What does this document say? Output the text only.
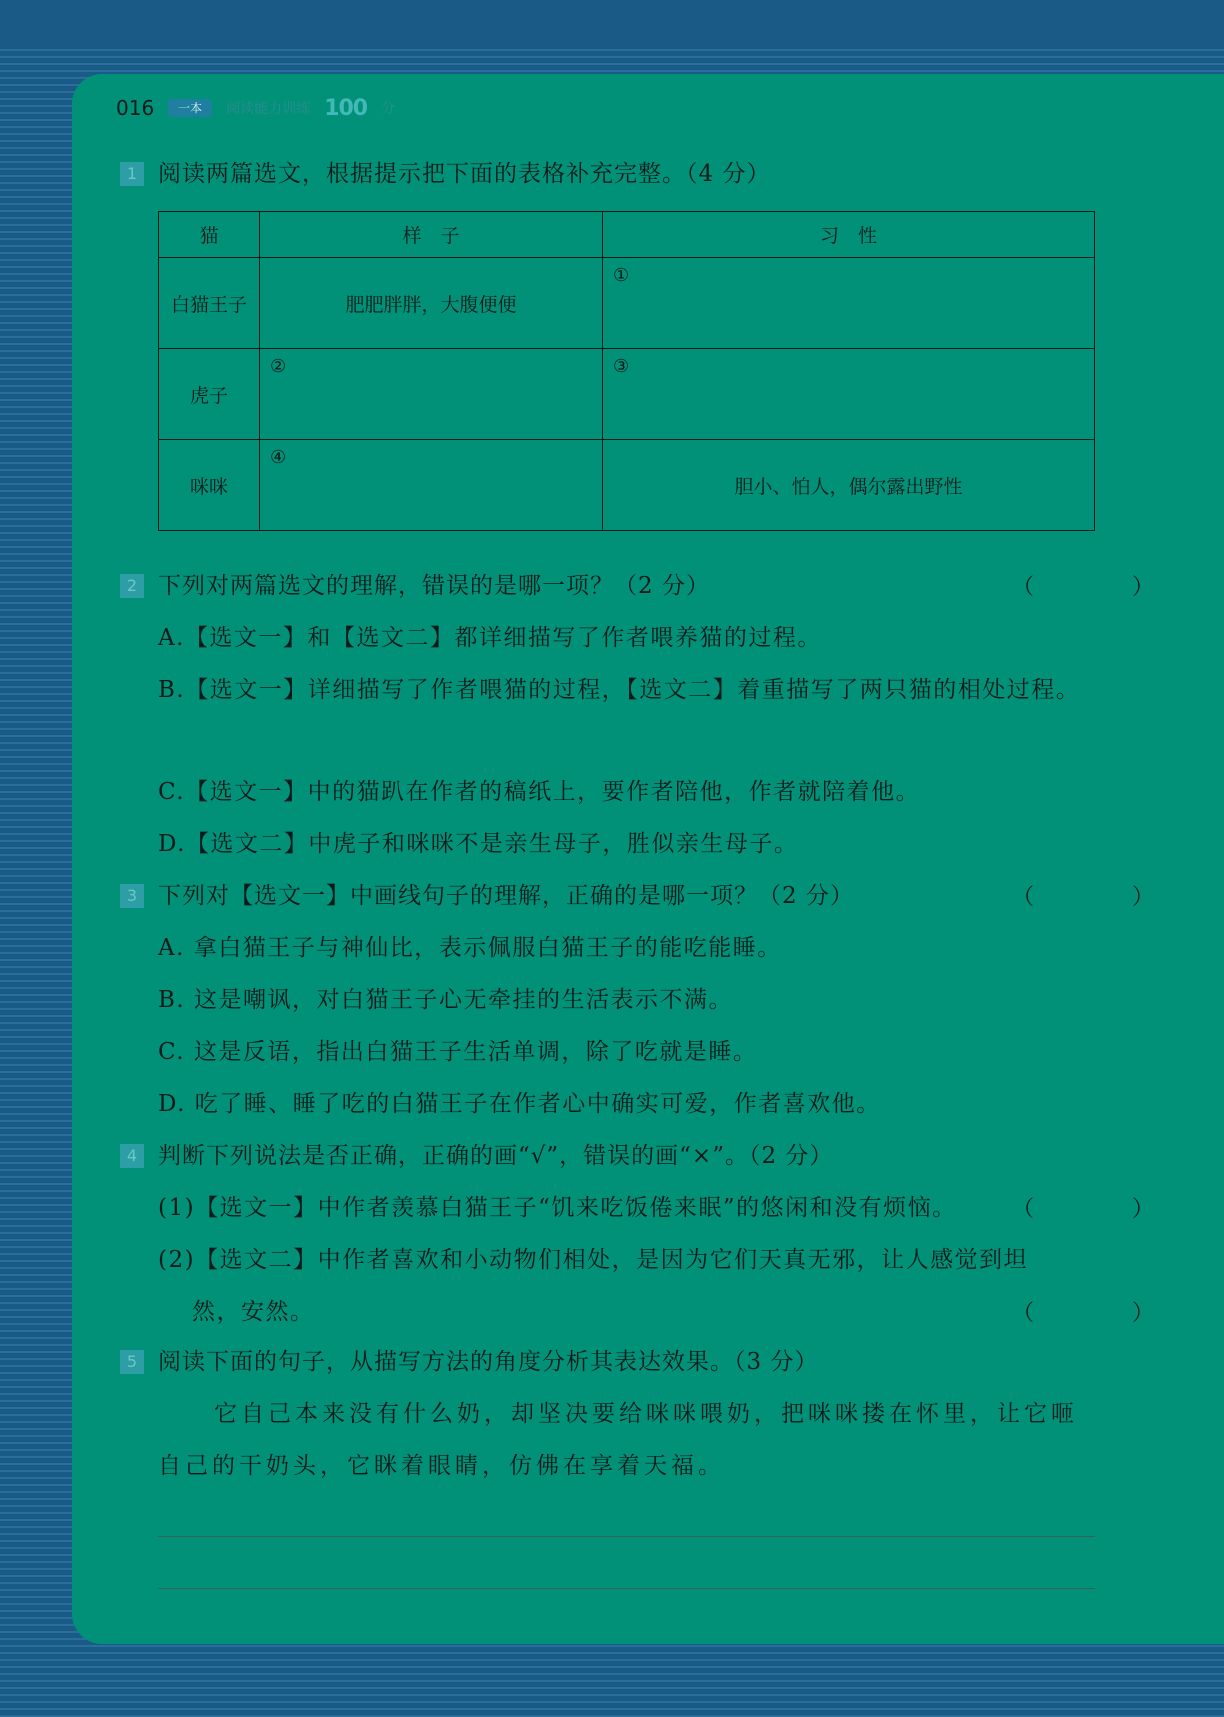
016	一本	阅读能力训练 100 分
1 阅读两篇选文，根据提示把下面的表格补充完整。（4 分）
猫	样　子	习　性
白猫王子	肥肥胖胖，大腹便便	①
虎子	②	③
咪咪	④	胆小、怕人，偶尔露出野性
2 下列对两篇选文的理解，错误的是哪一项？（2 分）	（　）
A.【选文一】和【选文二】都详细描写了作者喂养猫的过程。
B.【选文一】详细描写了作者喂猫的过程，【选文二】着重描写了两只猫的相处过程。
C.【选文一】中的猫趴在作者的稿纸上，要作者陪他，作者就陪着他。
D.【选文二】中虎子和咪咪不是亲生母子，胜似亲生母子。
3 下列对【选文一】中画线句子的理解，正确的是哪一项？（2 分）	（　）
A. 拿白猫王子与神仙比，表示佩服白猫王子的能吃能睡。
B. 这是嘲讽，对白猫王子心无牵挂的生活表示不满。
C. 这是反语，指出白猫王子生活单调，除了吃就是睡。
D. 吃了睡、睡了吃的白猫王子在作者心中确实可爱，作者喜欢他。
4 判断下列说法是否正确，正确的画“√”，错误的画“×”。（2 分）
(1)【选文一】中作者羡慕白猫王子“饥来吃饭倦来眠”的悠闲和没有烦恼。	（　）
(2)【选文二】中作者喜欢和小动物们相处，是因为它们天真无邪，让人感觉到坦然，安然。	（　）
5 阅读下面的句子，从描写方法的角度分析其表达效果。（3 分）
它自己本来没有什么奶，却坚决要给咪咪喂奶，把咪咪搂在怀里，让它咂自己的干奶头，它眯着眼睛，仿佛在享着天福。
